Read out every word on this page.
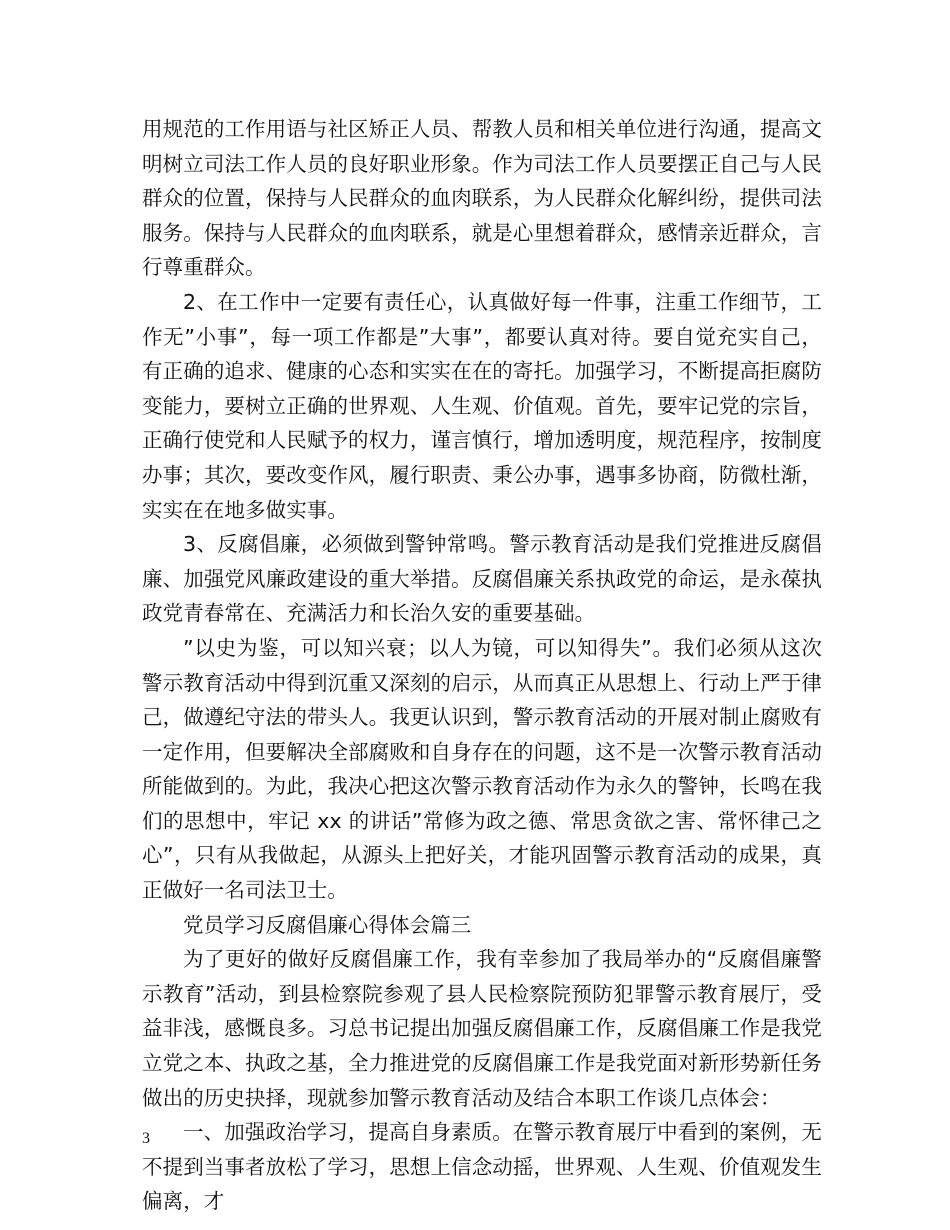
用规范的工作用语与社区矫正人员、帮教人员和相关单位进行沟通，提高文明树立司法工作人员的良好职业形象。作为司法工作人员要摆正自己与人民群众的位置，保持与人民群众的血肉联系，为人民群众化解纠纷，提供司法服务。保持与人民群众的血肉联系，就是心里想着群众，感情亲近群众，言行尊重群众。

2、在工作中一定要有责任心，认真做好每一件事，注重工作细节，工作无”小事”，每一项工作都是”大事”，都要认真对待。要自觉充实自己，有正确的追求、健康的心态和实实在在的寄托。加强学习，不断提高拒腐防变能力，要树立正确的世界观、人生观、价值观。首先，要牢记党的宗旨，正确行使党和人民赋予的权力，谨言慎行，增加透明度，规范程序，按制度办事；其次，要改变作风，履行职责、秉公办事，遇事多协商，防微杜渐，实实在在地多做实事。

3、反腐倡廉，必须做到警钟常鸣。警示教育活动是我们党推进反腐倡廉、加强党风廉政建设的重大举措。反腐倡廉关系执政党的命运，是永葆执政党青春常在、充满活力和长治久安的重要基础。

”以史为鉴，可以知兴衰；以人为镜，可以知得失”。我们必须从这次警示教育活动中得到沉重又深刻的启示，从而真正从思想上、行动上严于律己，做遵纪守法的带头人。我更认识到，警示教育活动的开展对制止腐败有一定作用，但要解决全部腐败和自身存在的问题，这不是一次警示教育活动所能做到的。为此，我决心把这次警示教育活动作为永久的警钟，长鸣在我们的思想中，牢记 xx 的讲话”常修为政之德、常思贪欲之害、常怀律己之心”，只有从我做起，从源头上把好关，才能巩固警示教育活动的成果，真正做好一名司法卫士。

党员学习反腐倡廉心得体会篇三

为了更好的做好反腐倡廉工作，我有幸参加了我局举办的“反腐倡廉警示教育”活动，到县检察院参观了县人民检察院预防犯罪警示教育展厅，受益非浅，感慨良多。习总书记提出加强反腐倡廉工作，反腐倡廉工作是我党立党之本、执政之基，全力推进党的反腐倡廉工作是我党面对新形势新任务做出的历史抉择，现就参加警示教育活动及结合本职工作谈几点体会：

一、加强政治学习，提高自身素质。在警示教育展厅中看到的案例，无不提到当事者放松了学习，思想上信念动摇，世界观、人生观、价值观发生偏离，才

3
